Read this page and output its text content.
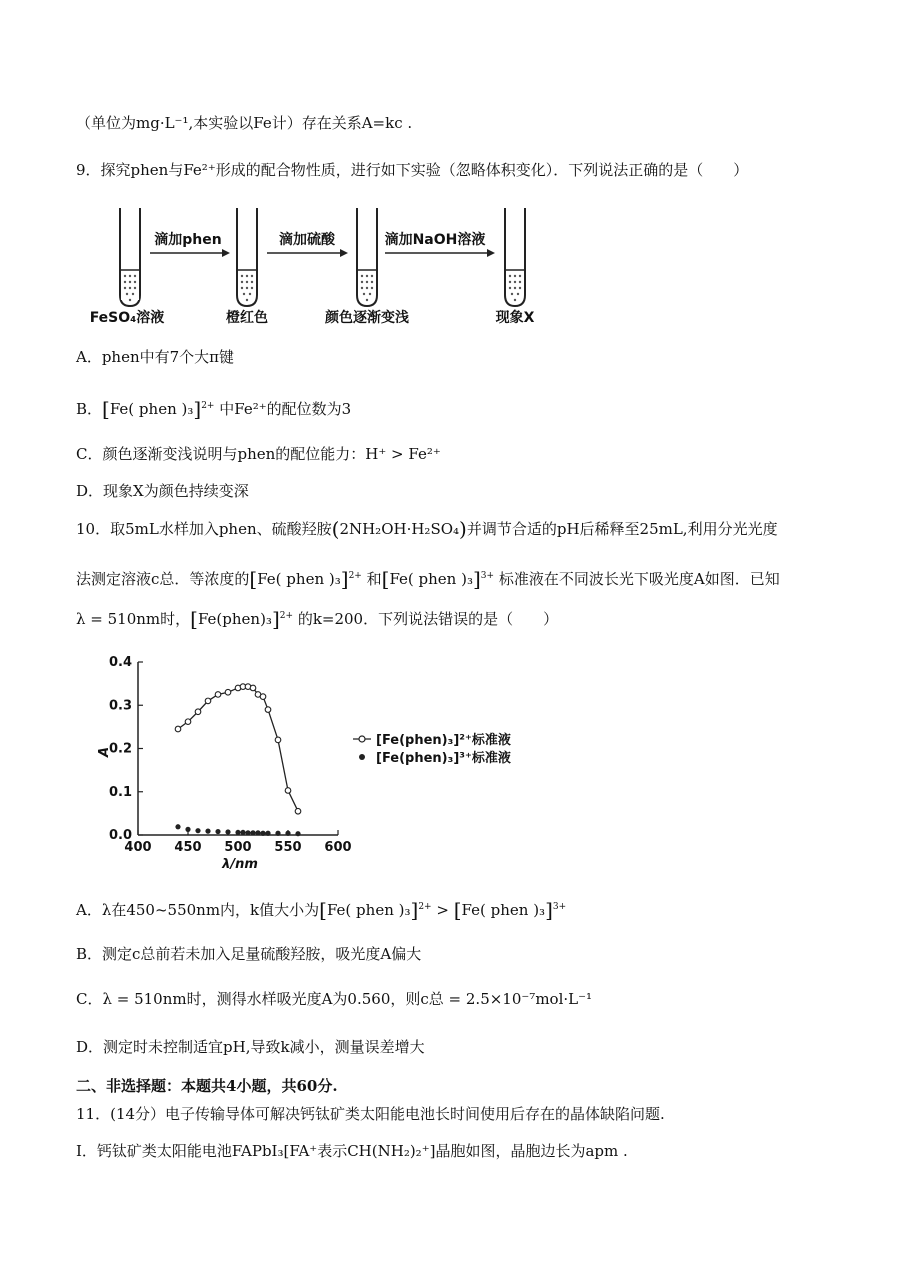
（单位为mg·L⁻¹,本实验以Fe计）存在关系A=kc .
9．探究phen与Fe²⁺形成的配合物性质，进行如下实验（忽略体积变化）．下列说法正确的是（　　）
滴加phen	滴加硫酸	滴加NaOH溶液
FeSO₄溶液	橙红色	颜色逐渐变浅	现象X
A．phen中有7个大π键
B．[Fe( phen )₃]$^{2+}$ 中Fe²⁺的配位数为3
C．颜色逐渐变浅说明与phen的配位能力：H⁺ > Fe²⁺
D．现象X为颜色持续变深
10．取5mL水样加入phen、硫酸羟胺(2NH₂OH·H₂SO₄)并调节合适的pH后稀释至25mL,利用分光光度
法测定溶液c总．等浓度的[Fe( phen )₃]$^{2+}$ 和[Fe( phen )₃]$^{3+}$ 标准液在不同波长光下吸光度A如图．已知
λ = 510nm时，[Fe(phen)₃]$^{2+}$ 的k=200．下列说法错误的是（　　）
400 450 500 550 600
0.0
0.1
0.2
0.3
0.4
λ/nm
A
[Fe(phen)₃]²⁺标准液
[Fe(phen)₃]³⁺标准液
A．λ在450~550nm内，k值大小为[Fe( phen )₃]$^{2+}$ > [Fe( phen )₃]$^{3+}$
B．测定c总前若未加入足量硫酸羟胺，吸光度A偏大
C．λ = 510nm时，测得水样吸光度A为0.560，则c总 = 2.5×10⁻⁷mol·L⁻¹
D．测定时未控制适宜pH,导致k减小，测量误差增大
二、非选择题：本题共4小题，共60分.
11．(14分）电子传输导体可解决钙钛矿类太阳能电池长时间使用后存在的晶体缺陷问题.
Ⅰ．钙钛矿类太阳能电池FAPbI₃[FA⁺表示CH(NH₂)₂⁺]晶胞如图，晶胞边长为apm .
